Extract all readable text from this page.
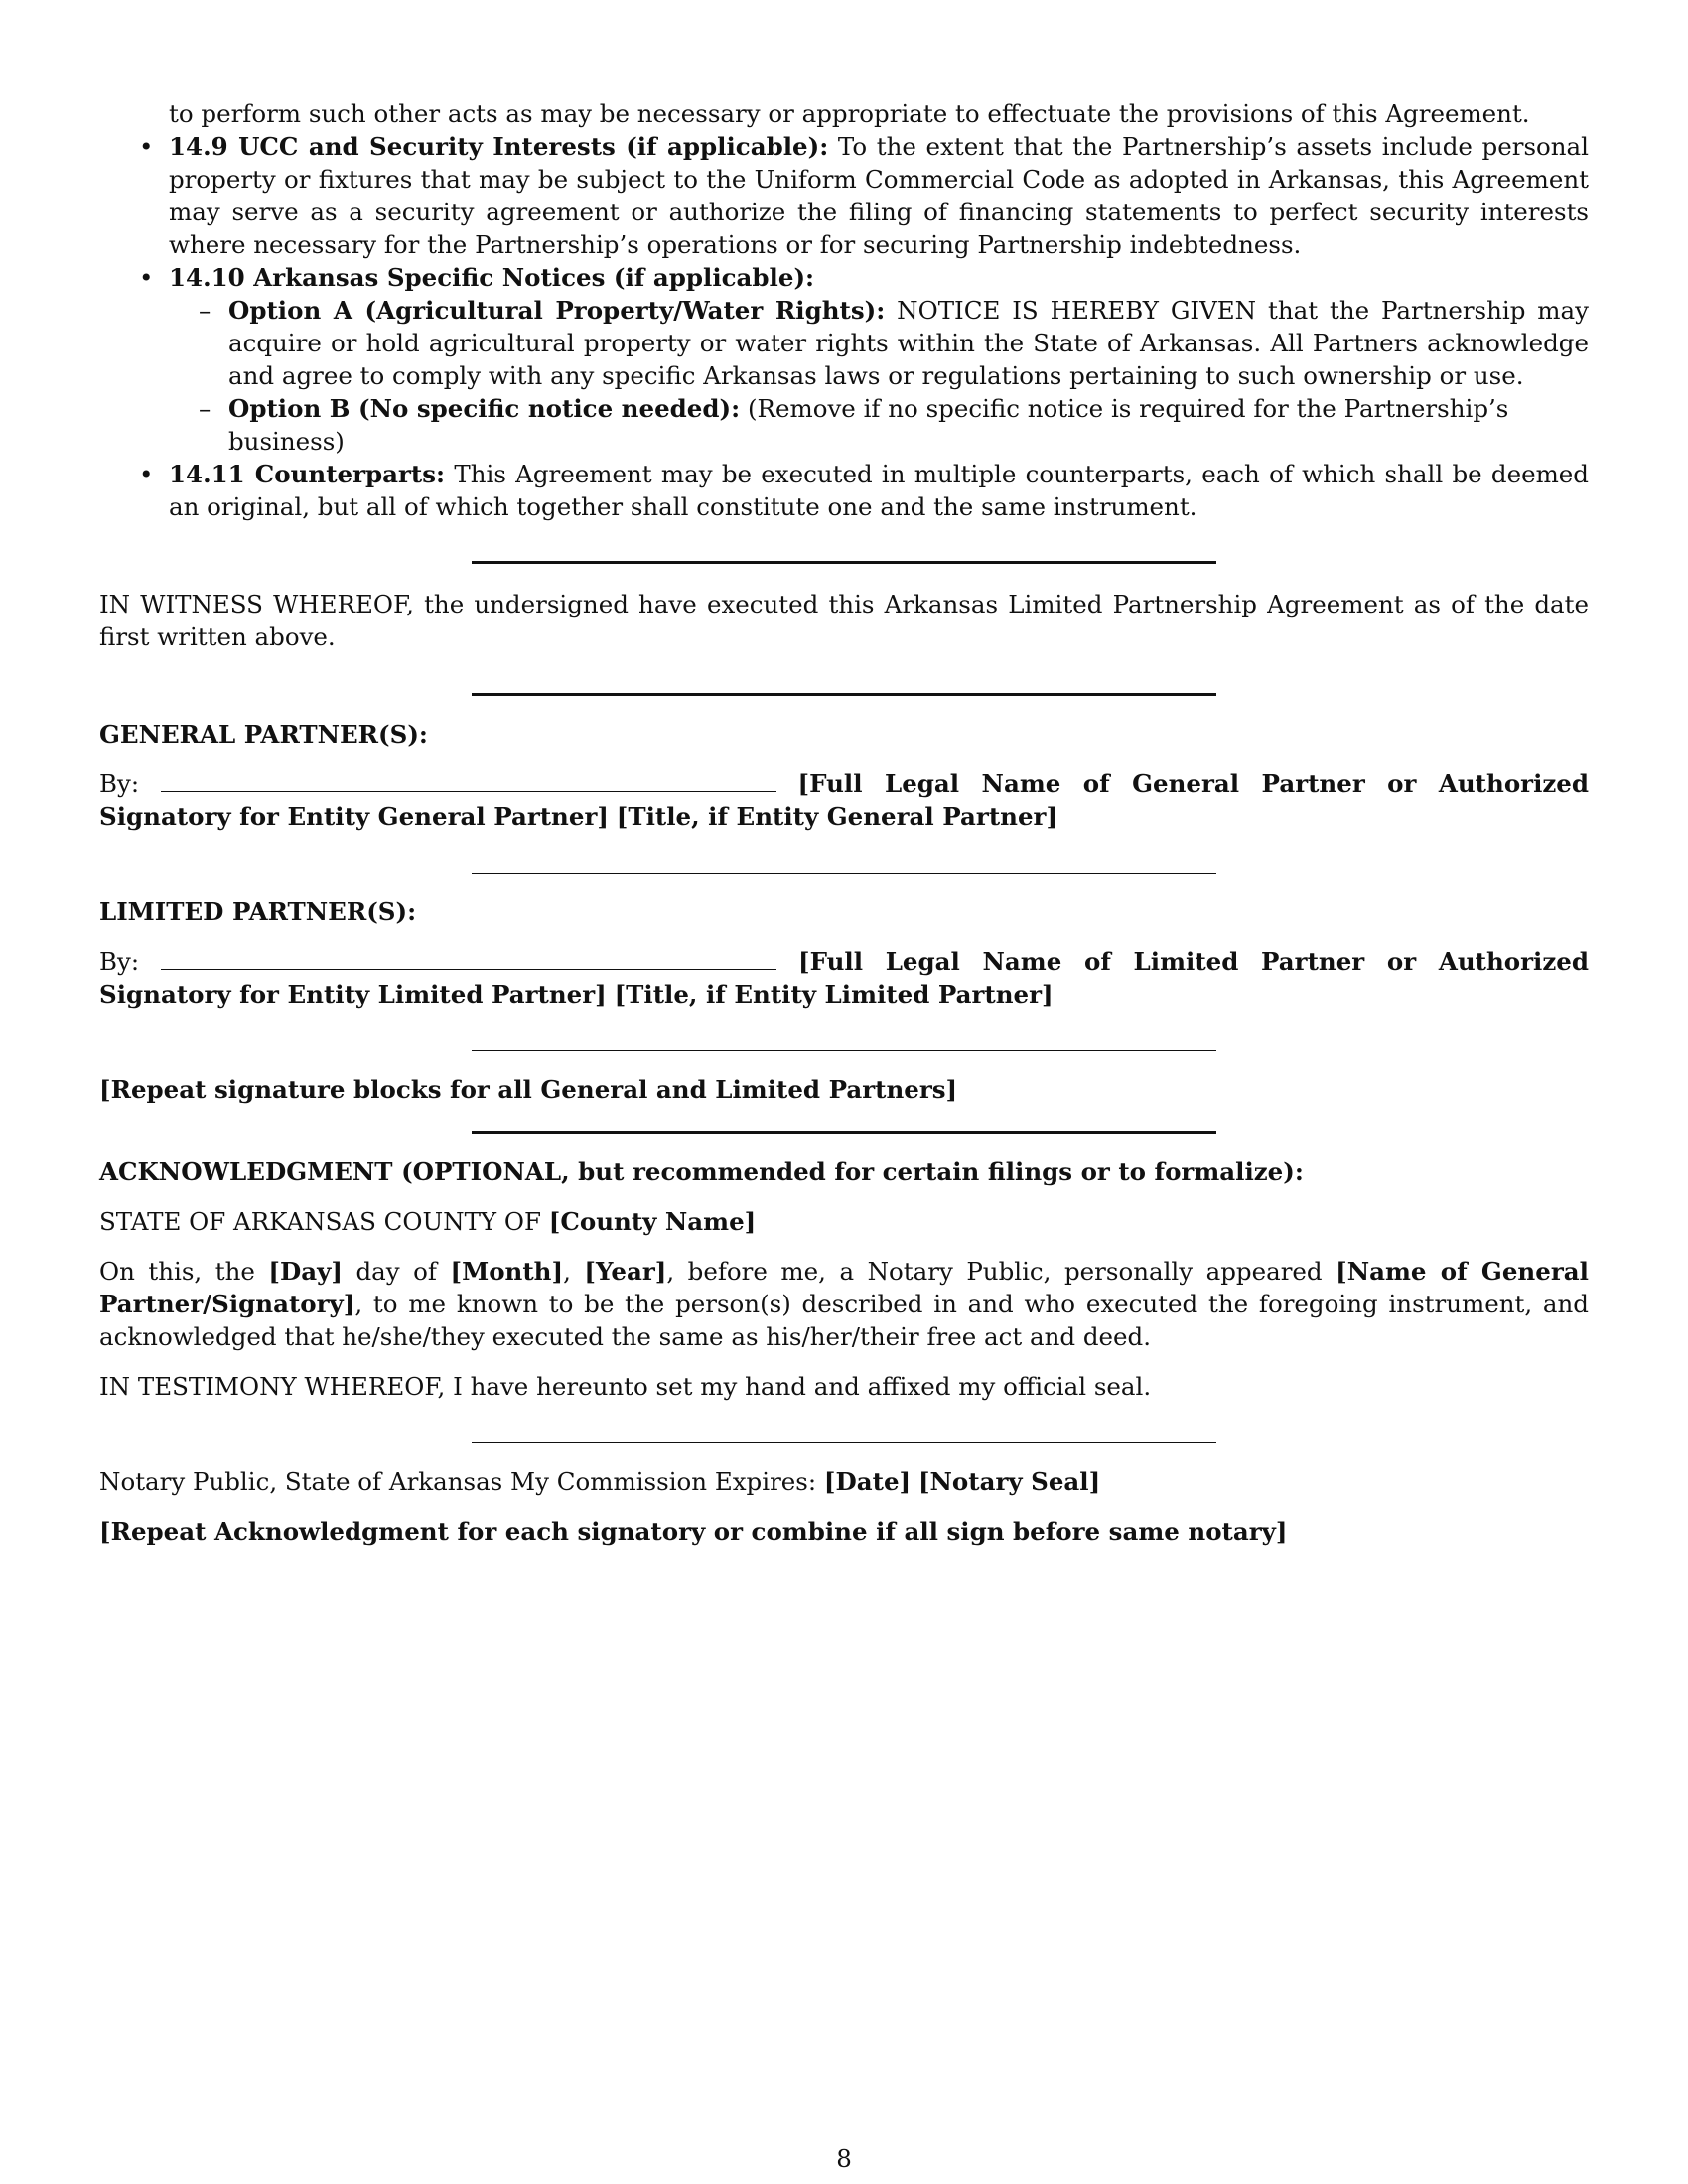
to perform such other acts as may be necessary or appropriate to effectuate the provisions of this Agreement.

• 14.9 UCC and Security Interests (if applicable): To the extent that the Partnership’s assets include personal property or fixtures that may be subject to the Uniform Commercial Code as adopted in Arkansas, this Agreement may serve as a security agreement or authorize the filing of financing statements to perfect security interests where necessary for the Partnership’s operations or for securing Partnership indebtedness.
• 14.10 Arkansas Specific Notices (if applicable):
– Option A (Agricultural Property/Water Rights): NOTICE IS HEREBY GIVEN that the Partnership may acquire or hold agricultural property or water rights within the State of Arkansas. All Partners acknowledge and agree to comply with any specific Arkansas laws or regulations pertaining to such ownership or use.
– Option B (No specific notice needed): (Remove if no specific notice is required for the Partnership’s business)
• 14.11 Counterparts: This Agreement may be executed in multiple counterparts, each of which shall be deemed an original, but all of which together shall constitute one and the same instrument.

IN WITNESS WHEREOF, the undersigned have executed this Arkansas Limited Partnership Agreement as of the date first written above.

GENERAL PARTNER(S):

By:	[Full Legal Name of General Partner or Authorized Signatory for Entity General Partner] [Title, if Entity General Partner]

LIMITED PARTNER(S):

By:	[Full Legal Name of Limited Partner or Authorized Signatory for Entity Limited Partner] [Title, if Entity Limited Partner]

[Repeat signature blocks for all General and Limited Partners]

ACKNOWLEDGMENT (OPTIONAL, but recommended for certain filings or to formalize):

STATE OF ARKANSAS COUNTY OF [County Name]

On this, the [Day] day of [Month], [Year], before me, a Notary Public, personally appeared [Name of General Partner/Signatory], to me known to be the person(s) described in and who executed the foregoing instrument, and acknowledged that he/she/they executed the same as his/her/their free act and deed.

IN TESTIMONY WHEREOF, I have hereunto set my hand and affixed my official seal.

Notary Public, State of Arkansas My Commission Expires: [Date] [Notary Seal]

[Repeat Acknowledgment for each signatory or combine if all sign before same notary]

8
